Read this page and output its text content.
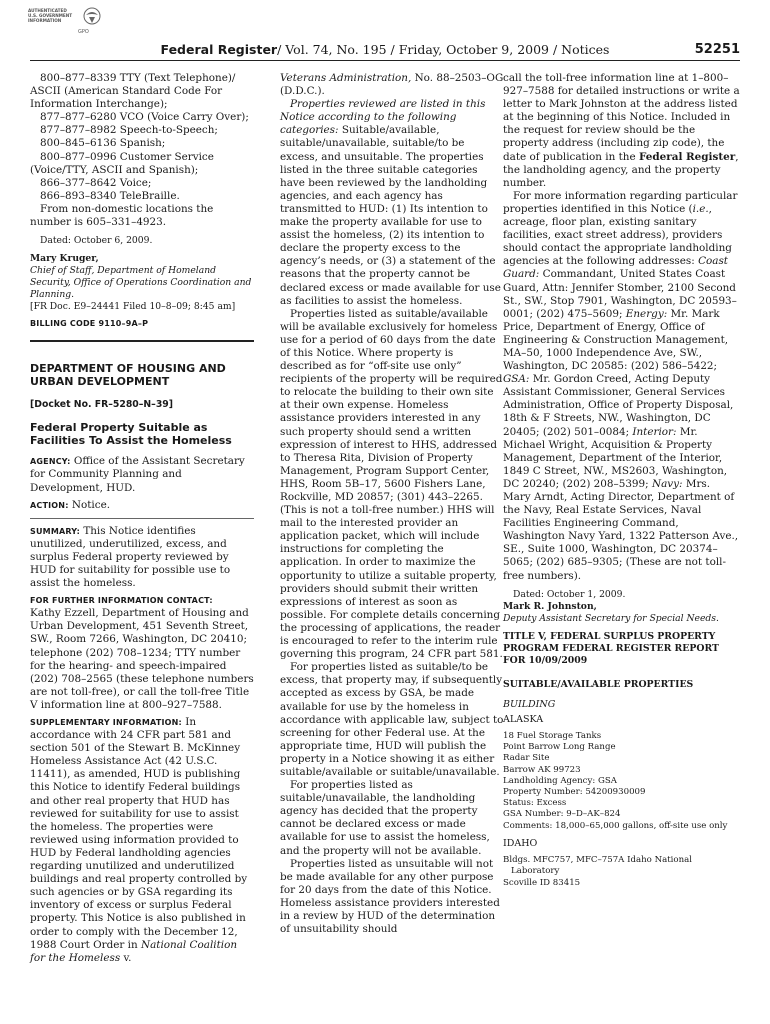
AUTHENTICATED
U.S. GOVERNMENT
INFORMATION
GPO
Federal Register/ Vol. 74, No. 195 / Friday, October 9, 2009 / Notices	52251

800–877–8339 TTY (Text Telephone)/ ASCII (American Standard Code For Information Interchange);

877–877–6280 VCO (Voice Carry Over);

877–877–8982 Speech-to-Speech;

800–845–6136 Spanish;

800–877–0996 Customer Service (Voice/TTY, ASCII and Spanish);

866–377–8642 Voice;

866–893–8340 TeleBraille.

From non-domestic locations the number is 605–331–4923.

Dated: October 6, 2009.

Mary Kruger,

Chief of Staff, Department of Homeland Security, Office of Operations Coordination and Planning.

[FR Doc. E9–24441 Filed 10–8–09; 8:45 am]

BILLING CODE 9110–9A–P

DEPARTMENT OF HOUSING AND URBAN DEVELOPMENT

[Docket No. FR–5280–N–39]

Federal Property Suitable as Facilities To Assist the Homeless

AGENCY: Office of the Assistant Secretary for Community Planning and Development, HUD.

ACTION: Notice.

SUMMARY: This Notice identifies unutilized, underutilized, excess, and surplus Federal property reviewed by HUD for suitability for possible use to assist the homeless.

FOR FURTHER INFORMATION CONTACT:
Kathy Ezzell, Department of Housing and Urban Development, 451 Seventh Street, SW., Room 7266, Washington, DC 20410; telephone (202) 708–1234; TTY number for the hearing- and speech-impaired (202) 708–2565 (these telephone numbers are not toll-free), or call the toll-free Title V information line at 800–927–7588.

SUPPLEMENTARY INFORMATION: In accordance with 24 CFR part 581 and section 501 of the Stewart B. McKinney Homeless Assistance Act (42 U.S.C. 11411), as amended, HUD is publishing this Notice to identify Federal buildings and other real property that HUD has reviewed for suitability for use to assist the homeless. The properties were reviewed using information provided to HUD by Federal landholding agencies regarding unutilized and underutilized buildings and real property controlled by such agencies or by GSA regarding its inventory of excess or surplus Federal property. This Notice is also published in order to comply with the December 12, 1988 Court Order in National Coalition for the Homeless v.

Veterans Administration, No. 88–2503–OG (D.D.C.).

Properties reviewed are listed in this Notice according to the following categories: Suitable/available, suitable/unavailable, suitable/to be excess, and unsuitable. The properties listed in the three suitable categories have been reviewed by the landholding agencies, and each agency has transmitted to HUD: (1) Its intention to make the property available for use to assist the homeless, (2) its intention to declare the property excess to the agency’s needs, or (3) a statement of the reasons that the property cannot be declared excess or made available for use as facilities to assist the homeless.

Properties listed as suitable/available will be available exclusively for homeless use for a period of 60 days from the date of this Notice. Where property is described as for “off-site use only” recipients of the property will be required to relocate the building to their own site at their own expense. Homeless assistance providers interested in any such property should send a written expression of interest to HHS, addressed to Theresa Rita, Division of Property Management, Program Support Center, HHS, Room 5B–17, 5600 Fishers Lane, Rockville, MD 20857; (301) 443–2265. (This is not a toll-free number.) HHS will mail to the interested provider an application packet, which will include instructions for completing the application. In order to maximize the opportunity to utilize a suitable property, providers should submit their written expressions of interest as soon as possible. For complete details concerning the processing of applications, the reader is encouraged to refer to the interim rule governing this program, 24 CFR part 581.

For properties listed as suitable/to be excess, that property may, if subsequently accepted as excess by GSA, be made available for use by the homeless in accordance with applicable law, subject to screening for other Federal use. At the appropriate time, HUD will publish the property in a Notice showing it as either suitable/available or suitable/unavailable.

For properties listed as suitable/unavailable, the landholding agency has decided that the property cannot be declared excess or made available for use to assist the homeless, and the property will not be available.

Properties listed as unsuitable will not be made available for any other purpose for 20 days from the date of this Notice. Homeless assistance providers interested in a review by HUD of the determination of unsuitability should

call the toll-free information line at 1–800–927–7588 for detailed instructions or write a letter to Mark Johnston at the address listed at the beginning of this Notice. Included in the request for review should be the property address (including zip code), the date of publication in the Federal Register, the landholding agency, and the property number.

For more information regarding particular properties identified in this Notice (i.e., acreage, floor plan, existing sanitary facilities, exact street address), providers should contact the appropriate landholding agencies at the following addresses: Coast Guard: Commandant, United States Coast Guard, Attn: Jennifer Stomber, 2100 Second St., SW., Stop 7901, Washington, DC 20593–0001; (202) 475–5609; Energy: Mr. Mark Price, Department of Energy, Office of Engineering & Construction Management, MA–50, 1000 Independence Ave, SW., Washington, DC 20585: (202) 586–5422; GSA: Mr. Gordon Creed, Acting Deputy Assistant Commissioner, General Services Administration, Office of Property Disposal, 18th & F Streets, NW., Washington, DC 20405; (202) 501–0084; Interior: Mr. Michael Wright, Acquisition & Property Management, Department of the Interior, 1849 C Street, NW., MS2603, Washington, DC 20240; (202) 208–5399; Navy: Mrs. Mary Arndt, Acting Director, Department of the Navy, Real Estate Services, Naval Facilities Engineering Command, Washington Navy Yard, 1322 Patterson Ave., SE., Suite 1000, Washington, DC 20374–5065; (202) 685–9305; (These are not toll-free numbers).

Dated: October 1, 2009.

Mark R. Johnston,

Deputy Assistant Secretary for Special Needs.

TITLE V, FEDERAL SURPLUS PROPERTY PROGRAM FEDERAL REGISTER REPORT FOR 10/09/2009

SUITABLE/AVAILABLE PROPERTIES

BUILDING

ALASKA

18 Fuel Storage Tanks

Point Barrow Long Range

Radar Site

Barrow AK 99723

Landholding Agency: GSA

Property Number: 54200930009

Status: Excess

GSA Number: 9–D–AK–824

Comments: 18,000–65,000 gallons, off-site use only

IDAHO

Bldgs. MFC757, MFC–757A Idaho National Laboratory

Scoville ID 83415
